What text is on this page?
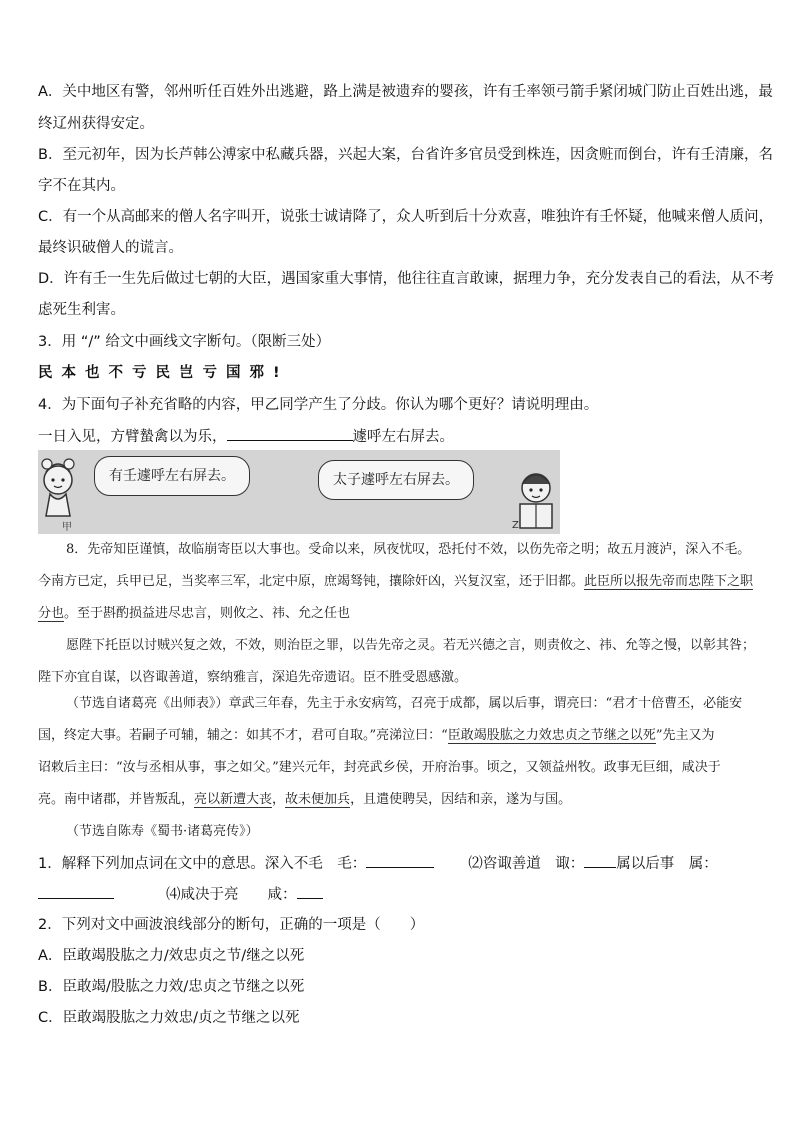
A．关中地区有警，邻州听任百姓外出逃避，路上满是被遗弃的婴孩，许有壬率领弓箭手紧闭城门防止百姓出逃，最
终辽州获得安定。
B．至元初年，因为长芦韩公溥家中私藏兵器，兴起大案，台省许多官员受到株连，因贪赃而倒台，许有壬清廉，名
字不在其内。
C．有一个从高邮来的僧人名字叫开，说张士诚请降了，众人听到后十分欢喜，唯独许有壬怀疑，他喊来僧人质问，
最终识破僧人的谎言。
D．许有壬一生先后做过七朝的大臣，遇国家重大事情，他往往直言敢谏，据理力争，充分发表自己的看法，从不考
虑死生利害。
3．用 “/” 给文中画线文字断句。（限断三处）
民本也不亏民岂亏国邪!
4．为下面句子补充省略的内容，甲乙同学产生了分歧。你认为哪个更好？请说明理由。
一日入见，方臂蟄禽以为乐，	遽呼左右屏去。
有壬遽呼左右屏去。	太子遽呼左右屏去。
甲	Z
8．先帝知臣谨慎，故临崩寄臣以大事也。受命以来，夙夜忧叹，恐托付不效，以伤先帝之明；故五月渡泸，深入不毛。
今南方已定，兵甲已足，当奖率三军，北定中原，庶竭驽钝，攘除奸凶，兴复汉室，还于旧都。此臣所以报先帝而忠陛下之职
分也。至于斟酌损益进尽忠言，则攸之、祎、允之任也
愿陛下托臣以讨贼兴复之效，不效，则治臣之罪，以告先帝之灵。若无兴德之言，则责攸之、祎、允等之慢，以彰其咎；
陛下亦宜自谋，以咨诹善道，察纳雅言，深追先帝遗诏。臣不胜受恩感激。
（节选自诸葛亮《出师表》）章武三年春，先主于永安病笃，召亮于成都，属以后事，谓亮曰：“君才十倍曹丕，必能安
国，终定大事。若嗣子可辅，辅之：如其不才，君可自取。”亮涕泣曰：“臣敢竭股肱之力效忠贞之节继之以死”先主又为
诏敕后主曰：“汝与丞相从事，事之如父。”建兴元年，封亮武乡侯，开府治事。顷之，又领益州牧。政事无巨细，咸决于
亮。南中诸郡，并皆叛乱，亮以新遭大丧，故未便加兵，且遣使聘吴，因结和亲，遂为与国。
（节选自陈寿《蜀书·诸葛亮传》）
1．解释下列加点词在文中的意思。深入不毛　毛：	⑵咨诹善道　诹： 属以后事　属：
⑷咸决于亮　　咸：
2．下列对文中画波浪线部分的断句，正确的一项是（　　）
A．臣敢竭股肱之力/效忠贞之节/继之以死
B．臣敢竭/股肱之力效/忠贞之节继之以死
C．臣敢竭股肱之力效忠/贞之节继之以死
